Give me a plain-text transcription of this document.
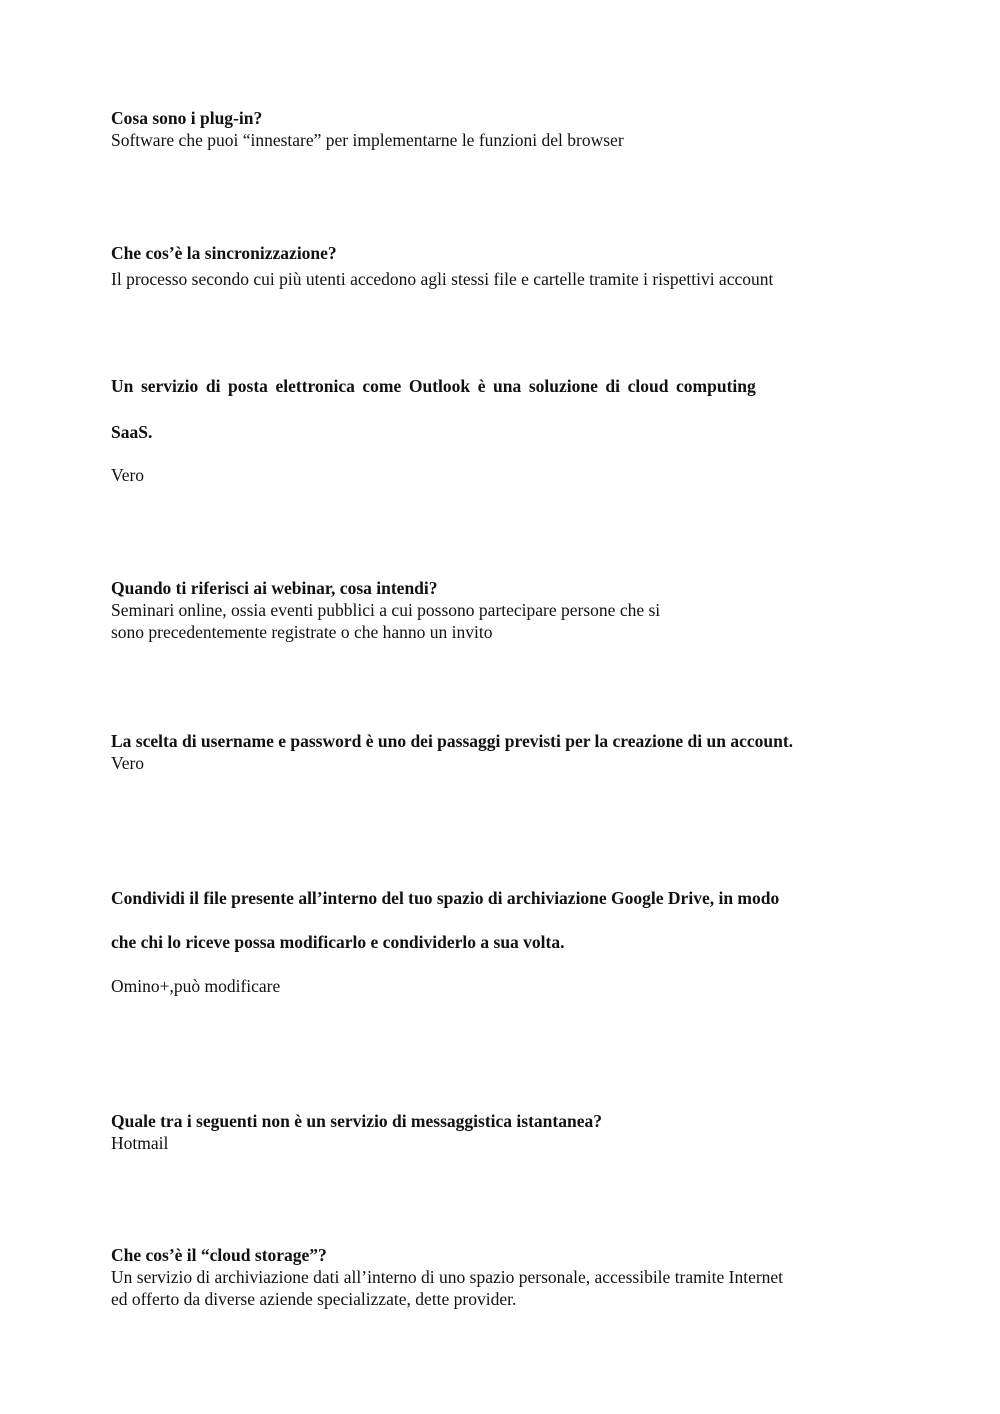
Cosa sono i plug-in?

Software che puoi “innestare” per implementarne le funzioni del browser

Che cos’è la sincronizzazione?

Il processo secondo cui più utenti accedono agli stessi file e cartelle tramite i rispettivi account

Un servizio di posta elettronica come Outlook è una soluzione di cloud computing

SaaS.

Vero

Quando ti riferisci ai webinar, cosa intendi?

Seminari online, ossia eventi pubblici a cui possono partecipare persone che si

sono precedentemente registrate o che hanno un invito

La scelta di username e password è uno dei passaggi previsti per la creazione di un account.

Vero

Condividi il file presente all’interno del tuo spazio di archiviazione Google Drive, in modo

che chi lo riceve possa modificarlo e condividerlo a sua volta.

Omino+,può modificare

Quale tra i seguenti non è un servizio di messaggistica istantanea?

Hotmail

Che cos’è il “cloud storage”?

Un servizio di archiviazione dati all’interno di uno spazio personale, accessibile tramite Internet

ed offerto da diverse aziende specializzate, dette provider.
